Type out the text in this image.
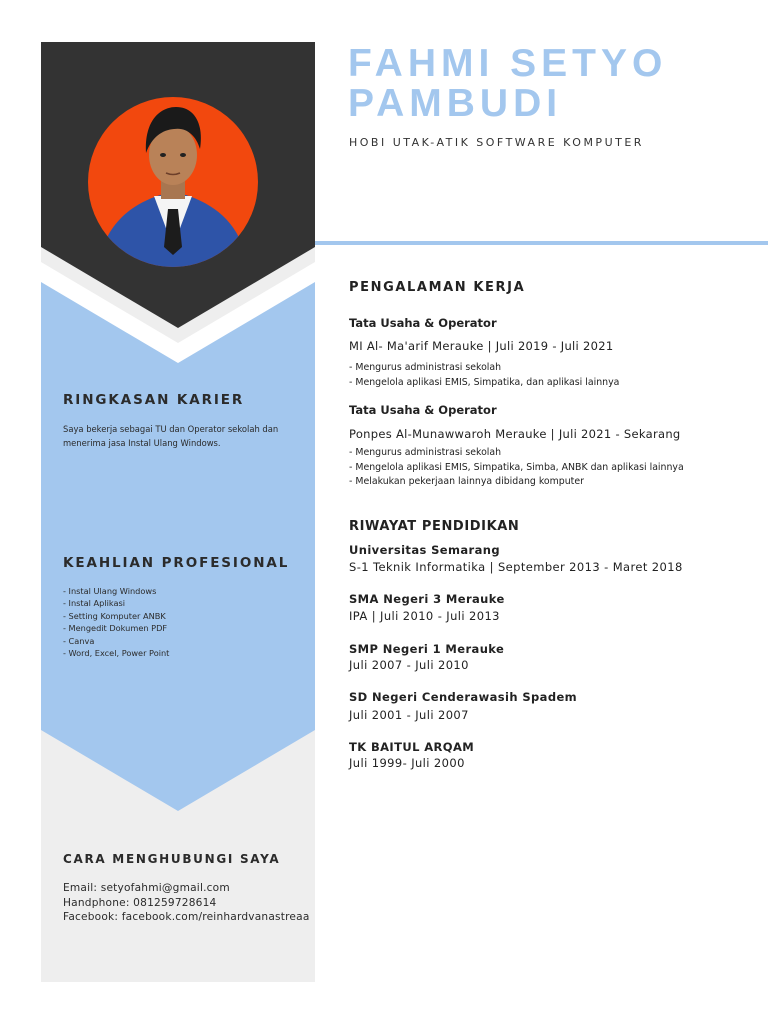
RINGKASAN KARIER

Saya bekerja sebagai TU dan Operator sekolah dan menerima jasa Instal Ulang Windows.

KEAHLIAN PROFESIONAL
- Instal Ulang Windows
- Instal Aplikasi
- Setting Komputer ANBK
- Mengedit Dokumen PDF
- Canva
- Word, Excel, Power Point
CARA MENGHUBUNGI SAYA
Email: setyofahmi@gmail.com
Handphone: 081259728614
Facebook: facebook.com/reinhardvanastreaa
FAHMI SETYO
PAMBUDI

HOBI UTAK-ATIK SOFTWARE KOMPUTER

PENGALAMAN KERJA

Tata Usaha & Operator

MI Al- Ma'arif Merauke | Juli 2019 - Juli 2021

- Mengurus administrasi sekolah
- Mengelola aplikasi EMIS, Simpatika, dan aplikasi lainnya

Tata Usaha & Operator

Ponpes Al-Munawwaroh Merauke | Juli 2021 - Sekarang

- Mengurus administrasi sekolah
- Mengelola aplikasi EMIS, Simpatika, Simba, ANBK dan aplikasi lainnya
- Melakukan pekerjaan lainnya dibidang komputer
RIWAYAT PENDIDIKAN

Universitas Semarang

S-1 Teknik Informatika | September 2013 - Maret 2018

SMA Negeri 3 Merauke

IPA | Juli 2010 - Juli 2013

SMP Negeri 1 Merauke

Juli 2007 - Juli 2010

SD Negeri Cenderawasih Spadem

Juli 2001 - Juli 2007

TK BAITUL ARQAM

Juli 1999- Juli 2000
